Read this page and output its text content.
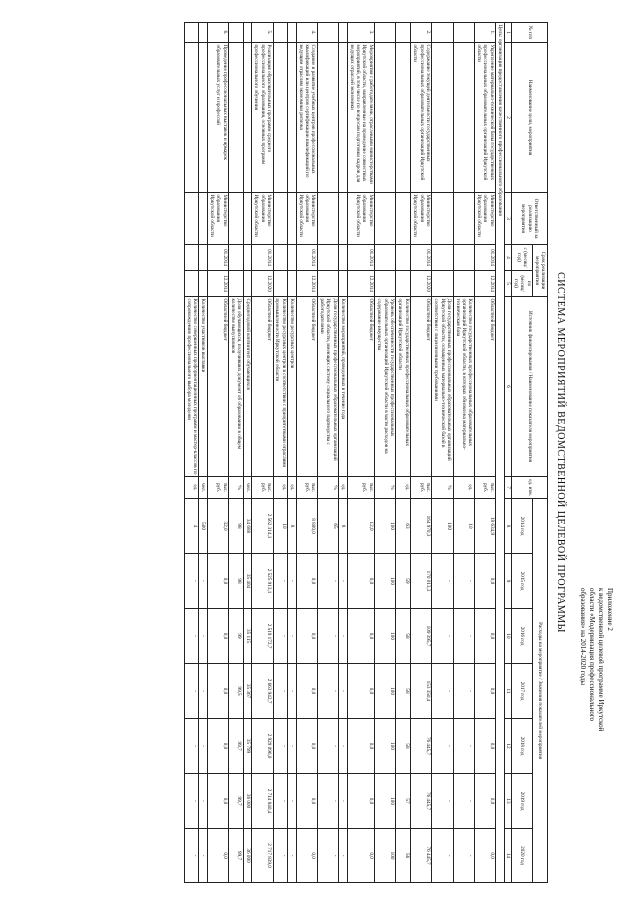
Приложение 2
к ведомственной целевой программе Иркутской
области «Модернизация профессионального
образования» на 2014-2020 годы
СИСТЕМА МЕРОПРИЯТИЙ ВЕДОМСТВЕННОЙ ЦЕЛЕВОЙ ПРОГРАММЫ
№ п/п	Наименование цели, мероприятия	Ответственный за реализацию мероприятия	Срок реализации мероприятия		Источник финансирования / Наименование показателя мероприятия	ед. изм.	Расходы на мероприятие / Значения показателей мероприятия						
			с (месяц/ год)	по (месяц/ год)			2014 год	2015 год	2016 год	2017 год	2018 год	2019 год	2020 год
1	2	3	4	5	6	7	8	9	10	11	12	13	14
Цель: организация предоставления качественного профессионального образования													
1.	Укрепление материально-технической базы государственных профессиональных образовательных организаций Иркутской области	Министерство образования Иркутской области	01.2014	12.2014	Областной бюджет	тыс. руб.	18 634,9	0,0	0,0	0,0	0,0	0,0	0,0
					Количество государственных профессиональных образовательных организаций Иркутской области, в которых обновлена материально-техническая база	ед.	10	-	-	-	-	-	-
					Доля государственных профессиональных образовательных организаций Иркутской области, оснащенных материально-технической базой в соответствии с лицензионными требованиями	%	100	-	-	-	-	-	-
2.	Содержание текущей деятельности государственных профессиональных образовательных организаций Иркутской области	Министерство образования Иркутской области	01.2014	12.2020	Областной бюджет	тыс. руб.	164 970,3	170 013,3	109 395,7	153 350,4	76 445,7	76 445,7	76 445,7
					Количество государственных профессиональных образовательных организаций Иркутской области	ед.	63	59	58	58	58	57	56
					Уровень обеспеченности государственных профессиональных образовательных организаций Иркутской области в части расходов на содержание имущества	%	100	100	100	100	100	100	100
3.	Мероприятия с работодателями, отраслевыми министерствами Иркутской области, направленные на проведение совместных мероприятий, в том числе по вопросам подготовки кадров для ведущих отраслей экономики	Министерство образования Иркутской области	01.2014	12.2014	Областной бюджет	тыс. руб.	12,0	0,0	0,0	0,0	0,0	0,0	0,0
					Количество мероприятий, проведенных в течение года	ед.	8	-	-	-	-	-	-
					Доля государственных профессиональных образовательных организаций Иркутской области, имеющих систему социального партнерства с работодателями	%	65	-	-	-	-	-	-
4.	Создание и развитие учебных центров профессиональных квалификаций или центров сертификации квалификаций по ведущим отраслям экономики региона	Министерство образования Иркутской области	01.2014	12.2014	Областной бюджет	тыс. руб.	8 800,0	0,0	0,0	0,0	0,0	0,0	0,0
					Количество ресурсных центров	ед.	8	-	-	-	-	-	-
					Количество ресурсных центров в соответствии с приоритетными отраслями промышленности Иркутской области	ед.	10	-	-	-	-	-	-
5.	Реализация образовательных программ среднего профессионального образования, основных программ профессионального обучения	Министерство образования Иркутской области	01.2014	12.2020	Областной бюджет	тыс. руб.	2 562 314,1	2 525 913,1	2 519 172,7	2 663 942,7	2 929 096,0	2 714 840,4	2 717 839,0
					Среднегодовой контингент обучающихся	чел.	34 688	35 404	35 115	35 367	35 799	36 000	36 000
					Доля обучающихся, получивших документ об образовании в общем количестве выпускников	%	98	98	99	99,5	99,7	99,7	99,7
6.	Проведение профессиональных выставок и ярмарок образовательных услуг и профессий	Министерство образования Иркутской области	01.2014	12.2014	Областной бюджет	тыс. руб.	32,0	0,0	0,0	0,0	0,0	0,0	0,0
					Количество участников выставки	чел.	500	-	-	-	-	-	-
					Количество совершенных профориентационных программ и мастер-классов по сопровождению профессионального выбора молодежи	ед.	4	-	-	-	-	-	-
